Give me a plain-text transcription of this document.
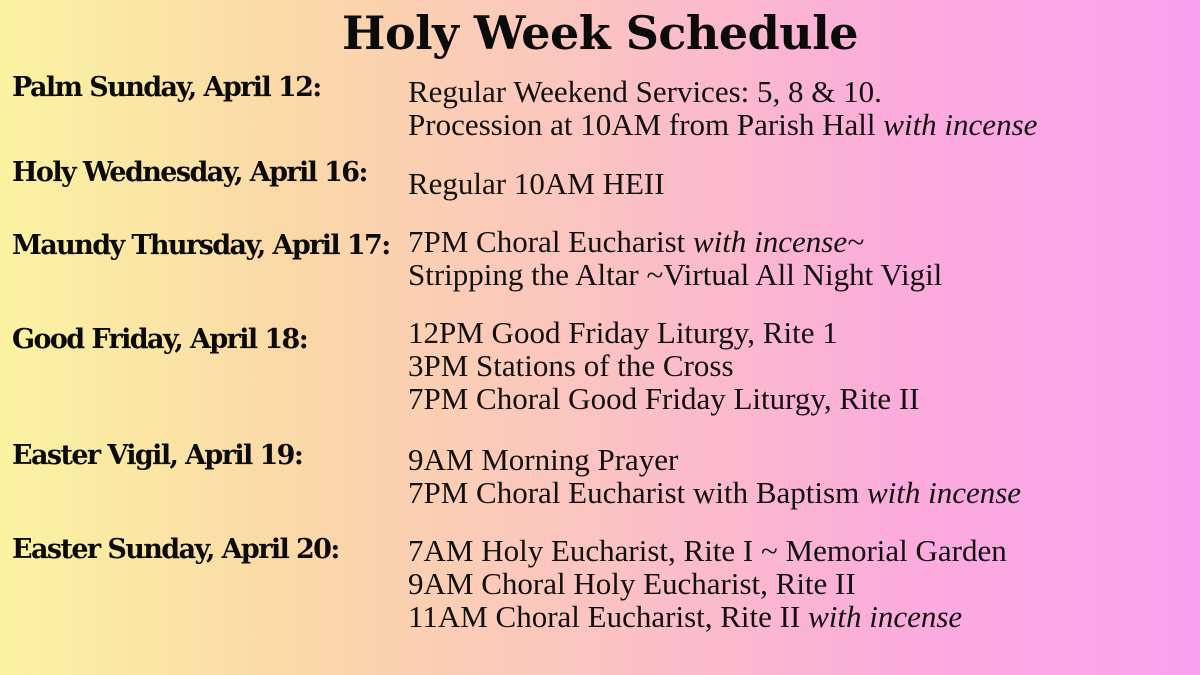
Holy Week Schedule
Palm Sunday, April 12:	Regular Weekend Services: 5, 8 & 10.
Procession at 10AM from Parish Hall with incense
Holy Wednesday, April 16: Regular 10AM HEII
Maundy Thursday, April 17: 7PM Choral Eucharist with incense~
Stripping the Altar ~Virtual All Night Vigil
Good Friday, April 18:	12PM Good Friday Liturgy, Rite 1
3PM Stations of the Cross
7PM Choral Good Friday Liturgy, Rite II
Easter Vigil, April 19:	9AM Morning Prayer
7PM Choral Eucharist with Baptism with incense
Easter Sunday, April 20: 7AM Holy Eucharist, Rite I ~ Memorial Garden
9AM Choral Holy Eucharist, Rite II
11AM Choral Eucharist, Rite II with incense
